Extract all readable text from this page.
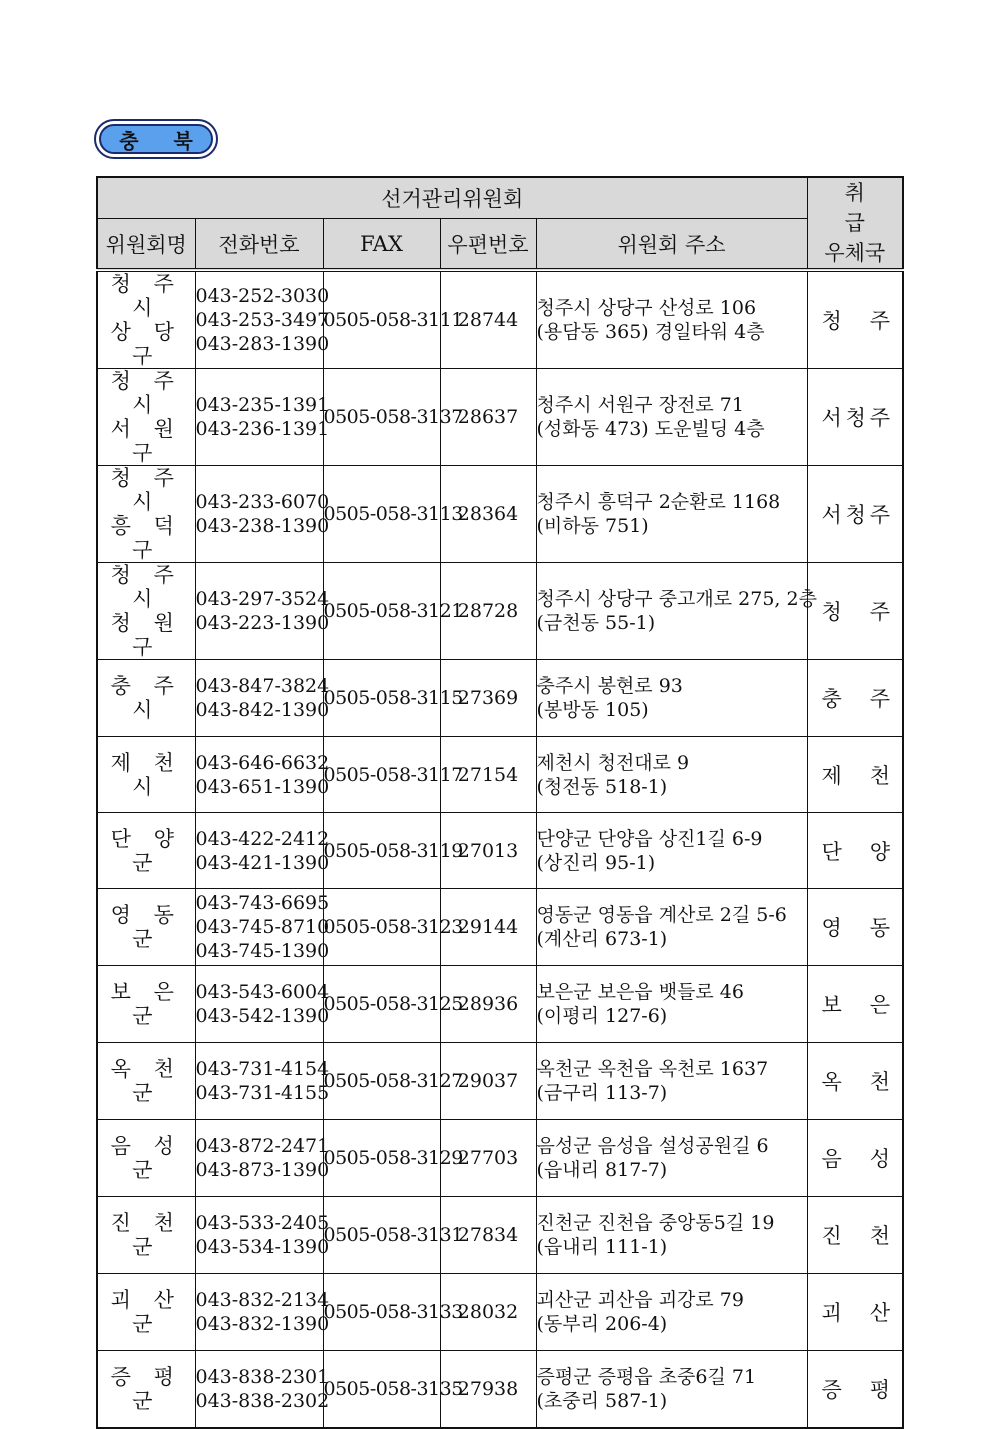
충 북
선거관리위원회					취 급
우체국

위원회명	전화번호	FAX	우편번호	위원회 주소	

청 주 시
상 당 구	043-252-3030
043-253-3497
043-283-1390	0505-058-3111	28744	청주시 상당구 산성로 106
(용담동 365) 경일타워 4층	청 주

청 주 시
서 원 구	043-235-1391
043-236-1391	0505-058-3137	28637	청주시 서원구 장전로 71
(성화동 473) 도운빌딩 4층	서 청 주

청 주 시
흥 덕 구	043-233-6070
043-238-1390	0505-058-3113	28364	청주시 흥덕구 2순환로 1168
(비하동 751)	서 청 주

청 주 시
청 원 구	043-297-3524
043-223-1390	0505-058-3121	28728	청주시 상당구 중고개로 275, 2층
(금천동 55-1)	청 주

충 주 시	043-847-3824
043-842-1390	0505-058-3115	27369	충주시 봉현로 93
(봉방동 105)	충 주

제 천 시	043-646-6632
043-651-1390	0505-058-3117	27154	제천시 청전대로 9
(청전동 518-1)	제 천

단 양 군	043-422-2412
043-421-1390	0505-058-3119	27013	단양군 단양읍 상진1길 6-9
(상진리 95-1)	단 양

영 동 군	043-743-6695
043-745-8710
043-745-1390	0505-058-3123	29144	영동군 영동읍 계산로 2길 5-6
(계산리 673-1)	영 동

보 은 군	043-543-6004
043-542-1390	0505-058-3125	28936	보은군 보은읍 뱃들로 46
(이평리 127-6)	보 은

옥 천 군	043-731-4154
043-731-4155	0505-058-3127	29037	옥천군 옥천읍 옥천로 1637
(금구리 113-7)	옥 천

음 성 군	043-872-2471
043-873-1390	0505-058-3129	27703	음성군 음성읍 설성공원길 6
(읍내리 817-7)	음 성

진 천 군	043-533-2405
043-534-1390	0505-058-3131	27834	진천군 진천읍 중앙동5길 19
(읍내리 111-1)	진 천

괴 산 군	043-832-2134
043-832-1390	0505-058-3133	28032	괴산군 괴산읍 괴강로 79
(동부리 206-4)	괴 산

증 평 군	043-838-2301
043-838-2302	0505-058-3135	27938	증평군 증평읍 초중6길 71
(초중리 587-1)	증 평
